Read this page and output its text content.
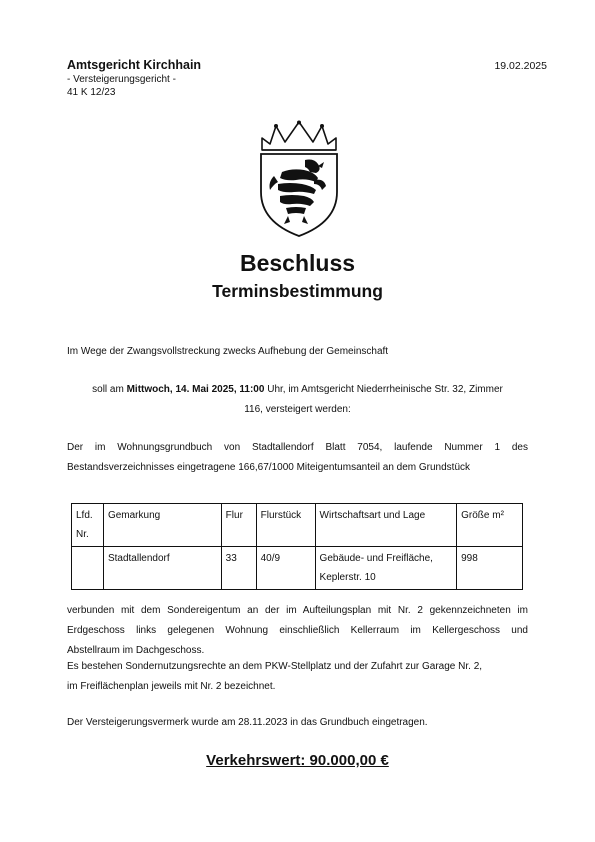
Amtsgericht Kirchhain
- Versteigerungsgericht -
41 K 12/23
19.02.2025
Beschluss
Terminsbestimmung
Im Wege der Zwangsvollstreckung zwecks Aufhebung der Gemeinschaft
soll am Mittwoch, 14. Mai 2025, 11:00 Uhr, im Amtsgericht Niederrheinische Str. 32, Zimmer
116, versteigert werden:
Der im Wohnungsgrundbuch von Stadtallendorf Blatt 7054, laufende Nummer 1 des
Bestandsverzeichnisses eingetragene 166,67/1000 Miteigentumsanteil an dem Grundstück
Lfd. Nr.	Gemarkung	Flur	Flurstück	Wirtschaftsart und Lage	Größe m²
	Stadtallendorf	33	40/9	Gebäude- und Freifläche, Keplerstr. 10	998
verbunden mit dem Sondereigentum an der im Aufteilungsplan mit Nr. 2 gekennzeichneten im
Erdgeschoss links gelegenen Wohnung einschließlich Kellerraum im Kellergeschoss und
Abstellraum im Dachgeschoss.
Es bestehen Sondernutzungsrechte an dem PKW-Stellplatz und der Zufahrt zur Garage Nr. 2,
im Freiflächenplan jeweils mit Nr. 2 bezeichnet.
Der Versteigerungsvermerk wurde am 28.11.2023 in das Grundbuch eingetragen.
Verkehrswert: 90.000,00 €
